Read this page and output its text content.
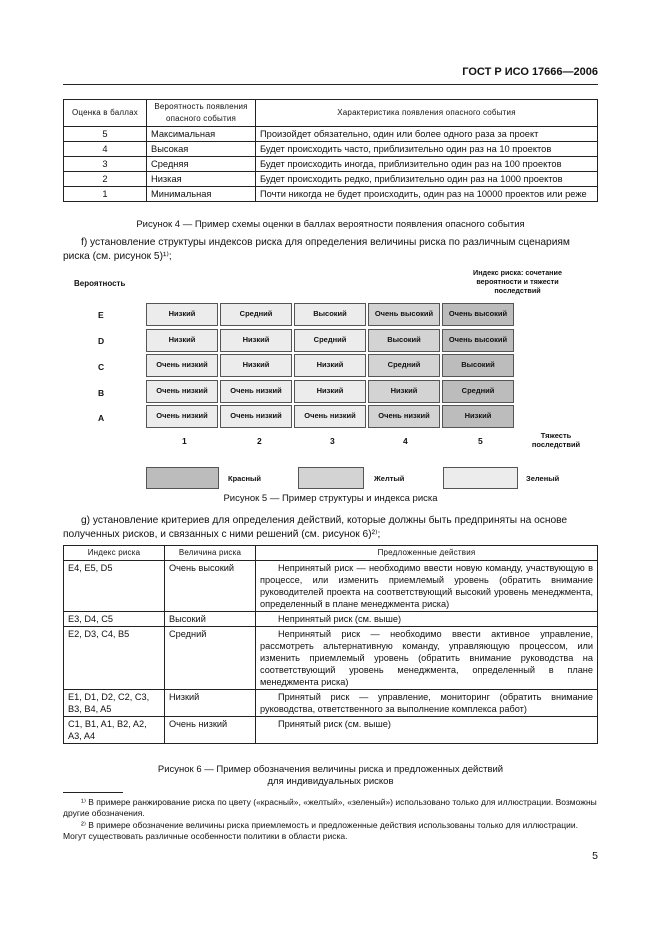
ГОСТ Р ИСО 17666—2006
Оценка в баллах	Вероятность появления опасного события	Характеристика появления опасного события
5	Максимальная	Произойдет обязательно, один или более одного раза за проект
4	Высокая	Будет происходить часто, приблизительно один раз на 10 проектов
3	Средняя	Будет происходить иногда, приблизительно один раз на 100 проектов
2	Низкая	Будет происходить редко, приблизительно один раз на 1000 проектов
1	Минимальная	Почти никогда не будет происходить, один раз на 10000 проектов или реже
Рисунок 4 — Пример схемы оценки в баллах вероятности появления опасного события
f) установление структуры индексов риска для определения величины риска по различным сценариям риска (см. рисунок 5)¹⁾;
Вероятность
Индекс риска: сочетание вероятности и тяжести последствий
E
D
C
B
A
Низкий	Средний	Высокий	Очень высокий	Очень высокий
Низкий	Низкий	Средний	Высокий	Очень высокий
Очень низкий	Низкий	Низкий	Средний	Высокий
Очень низкий	Очень низкий	Низкий	Низкий	Средний
Очень низкий	Очень низкий	Очень низкий	Очень низкий	Низкий
1	2	3	4	5
Тяжесть последствий
Красный	Желтый	Зеленый
Рисунок 5 — Пример структуры и индекса риска
g) установление критериев для определения действий, которые должны быть предприняты на основе полученных рисков, и связанных с ними решений (см. рисунок 6)²⁾;
Индекс риска	Величина риска	Предложенные действия
E4, E5, D5	Очень высокий	Непринятый риск — необходимо ввести новую команду, участвующую в процессе, или изменить приемлемый уровень (обратить внимание руководителей проекта на соответствующий высокий уровень менеджмента, определенный в плане менеджмента риска)
E3, D4, C5	Высокий	Непринятый риск (см. выше)
E2, D3, C4, B5	Средний	Непринятый риск — необходимо ввести активное управление, рассмотреть альтернативную команду, управляющую процессом, или изменить приемлемый уровень (обратить внимание руководства на соответствующий уровень менеджмента, определенный в плане менеджмента риска)
E1, D1, D2, C2, C3, B3, B4, A5	Низкий	Принятый риск — управление, мониторинг (обратить внимание руководства, ответственного за выполнение комплекса работ)
C1, B1, A1, B2, A2, A3, A4	Очень низкий	Принятый риск (см. выше)
Рисунок 6 — Пример обозначения величины риска и предложенных действий
для индивидуальных рисков
¹⁾ В примере ранжирование риска по цвету («красный», «желтый», «зеленый») использовано только для иллюстрации. Возможны другие обозначения.
²⁾ В примере обозначение величины риска приемлемость и предложенные действия использованы только для иллюстрации. Могут существовать различные особенности политики в области риска.
5
